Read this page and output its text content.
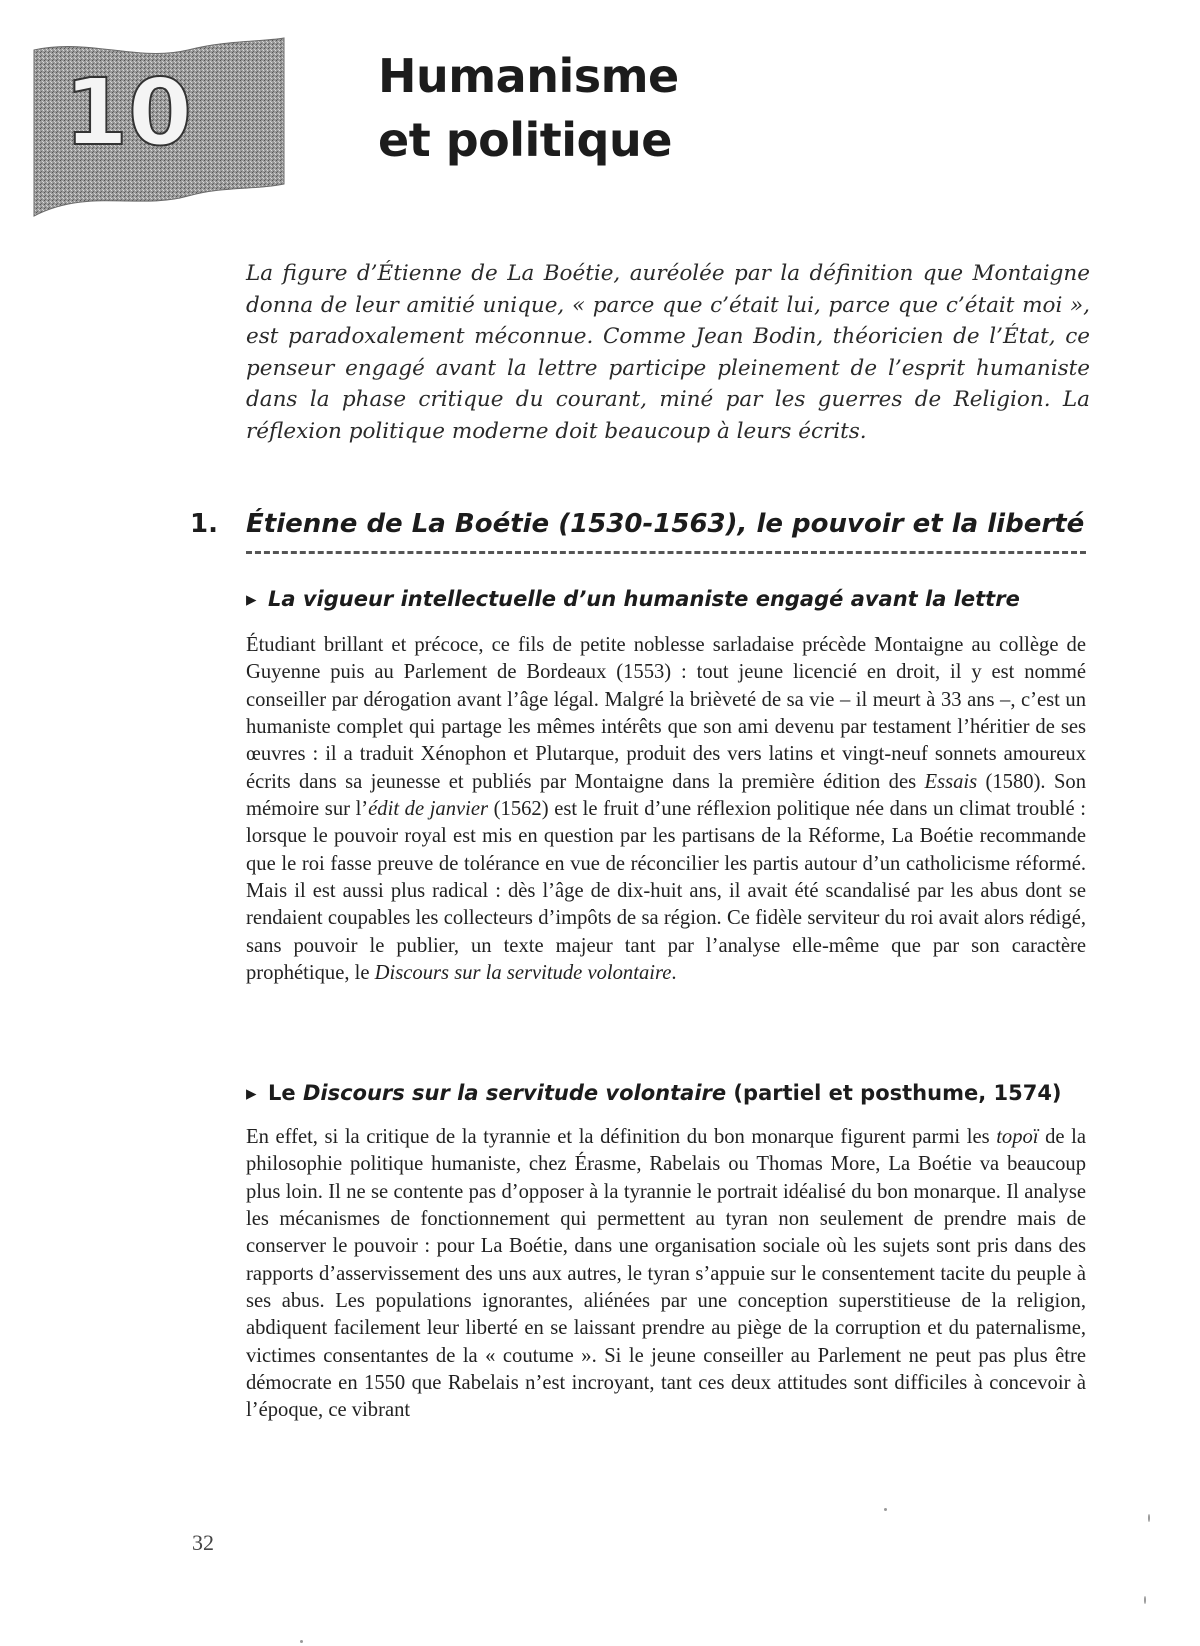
10	Humanisme
et politique

La figure d’Étienne de La Boétie, auréolée par la définition que Montaigne donna de leur amitié unique, « parce que c’était lui, parce que c’était moi », est paradoxalement méconnue. Comme Jean Bodin, théoricien de l’État, ce penseur engagé avant la lettre participe pleinement de l’esprit humaniste dans la phase critique du courant, miné par les guerres de Religion. La réflexion politique moderne doit beaucoup à leurs écrits.

1. Étienne de La Boétie (1530-1563), le pouvoir et la liberté
▸ La vigueur intellectuelle d’un humaniste engagé avant la lettre

Étudiant brillant et précoce, ce fils de petite noblesse sarladaise précède Montaigne au collège de Guyenne puis au Parlement de Bordeaux (1553) : tout jeune licencié en droit, il y est nommé conseiller par dérogation avant l’âge légal. Malgré la brièveté de sa vie – il meurt à 33 ans –, c’est un humaniste complet qui partage les mêmes intérêts que son ami devenu par testament l’héritier de ses œuvres : il a traduit Xénophon et Plutarque, produit des vers latins et vingt-neuf sonnets amoureux écrits dans sa jeunesse et publiés par Montaigne dans la première édition des Essais (1580). Son mémoire sur l’édit de janvier (1562) est le fruit d’une réflexion politique née dans un climat troublé : lorsque le pouvoir royal est mis en question par les partisans de la Réforme, La Boétie recommande que le roi fasse preuve de tolérance en vue de réconcilier les partis autour d’un catholicisme réformé. Mais il est aussi plus radical : dès l’âge de dix-huit ans, il avait été scandalisé par les abus dont se rendaient coupables les collecteurs d’impôts de sa région. Ce fidèle serviteur du roi avait alors rédigé, sans pouvoir le publier, un texte majeur tant par l’analyse elle-même que par son caractère prophétique, le Discours sur la servitude volontaire.

▸ Le Discours sur la servitude volontaire (partiel et posthume, 1574)

En effet, si la critique de la tyrannie et la définition du bon monarque figurent parmi les topoï de la philosophie politique humaniste, chez Érasme, Rabelais ou Thomas More, La Boétie va beaucoup plus loin. Il ne se contente pas d’opposer à la tyrannie le portrait idéalisé du bon monarque. Il analyse les mécanismes de fonctionnement qui permettent au tyran non seulement de prendre mais de conserver le pouvoir : pour La Boétie, dans une organisation sociale où les sujets sont pris dans des rapports d’asservissement des uns aux autres, le tyran s’appuie sur le consentement tacite du peuple à ses abus. Les populations ignorantes, aliénées par une conception superstitieuse de la religion, abdiquent facilement leur liberté en se laissant prendre au piège de la corruption et du paternalisme, victimes consentantes de la « coutume ». Si le jeune conseiller au Parlement ne peut pas plus être démocrate en 1550 que Rabelais n’est incroyant, tant ces deux attitudes sont difficiles à concevoir à l’époque, ce vibrant

32
